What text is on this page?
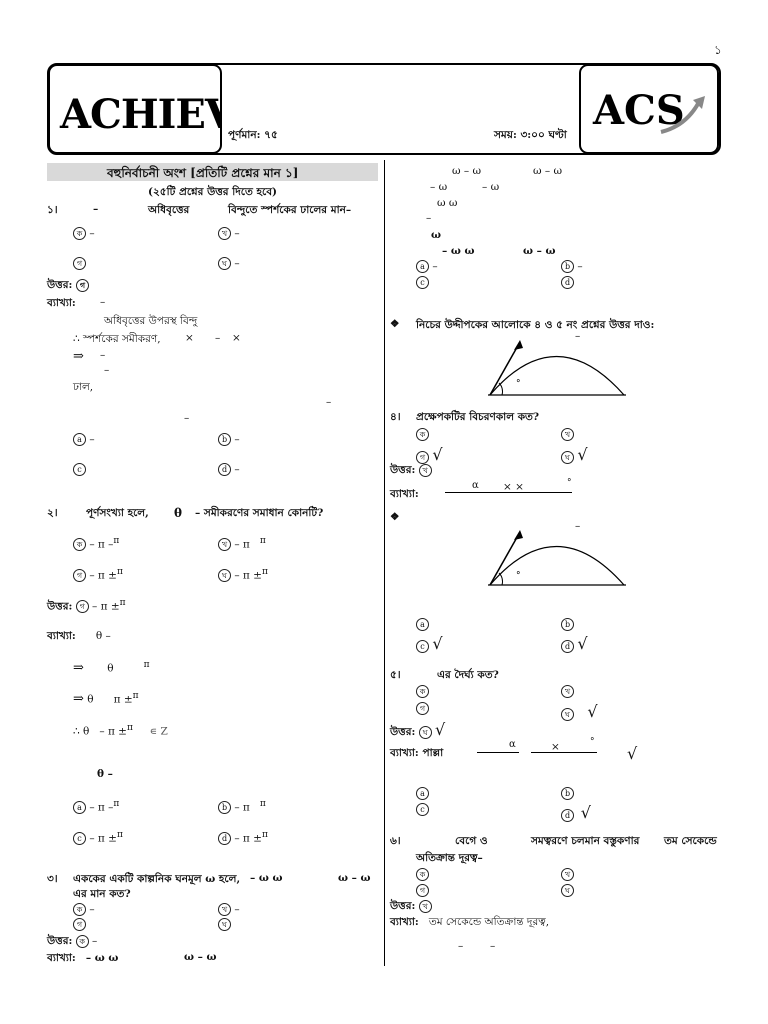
১
ACHIE	ACS
পূর্ণমান: ৭৫	সময়: ৩:০০ ঘণ্টা
বহুনির্বাচনী অংশ [প্রতিটি প্রশ্নের মান ১]
(২৫টি প্রশ্নের উত্তর দিতে হবে)
১।	–	অধিবৃত্তের	বিন্দুতে স্পর্শকের ঢালের মান–
ক –	খ –
গ	ঘ –
উত্তর: গ
ব্যাখ্যা: –
অধিবৃত্তের উপরস্থ বিন্দু
∴ স্পর্শকের সমীকরণ, × – ×
⇒ –
–
ঢাল,
–
–
a –	b –
c	d –
২।	পূর্ণসংখ্যা হলে, θ – সমীকরণের সমাধান কোনটি?
ক – π –$^\pi$	খ – π $^\pi$
গ – π ±$^\pi$	ঘ – π ±$^\pi$
উত্তর: গ – π ±$^\pi$
ব্যাখ্যা: θ –
⇒ θ	$^\pi$
⇒ θ π ±$^\pi$
∴ θ – π ±$^\pi$ ∊ Z
θ –
a – π –$^\pi$	b – π $^\pi$
c – π ±$^\pi$	d – π ±$^\pi$
৩। এককের একটি কাল্পনিক ঘনমূল ω হলে, – ω ω	ω – ω
এর মান কত?
ক –	খ –
গ	ঘ
উত্তর: ক –
ব্যাখ্যা: – ω ω	ω – ω
ω – ω	ω – ω
– ω	– ω
ω ω
–
ω
– ω ω	ω – ω
a –	b –
c	d
❖ নিচের উদ্দীপকের আলোকে ৪ ও ৫ নং প্রশ্নের উত্তর দাও:
–
°
৪। প্রক্ষেপকটির বিচরণকাল কত?
ক	খ
গ √	ঘ √
উত্তর: খ
ব্যাখ্যা:
α × ×	°
❖
–
°
a	b
c √	d √
৫।	এর দৈর্ঘ্য কত?
ক	খ
গ
ঘ √
উত্তর: ঘ √
ব্যাখ্যা: পাল্লা
α	×	°
√
a	b
c
d √
৬।	বেগে ও	সমত্বরণে চলমান বস্তুকণার তম সেকেন্ডে
অতিক্রান্ত দূরত্ব–
ক	খ
গ	ঘ
উত্তর: খ
ব্যাখ্যা: তম সেকেন্ডে অতিক্রান্ত দূরত্ব,
–	–
